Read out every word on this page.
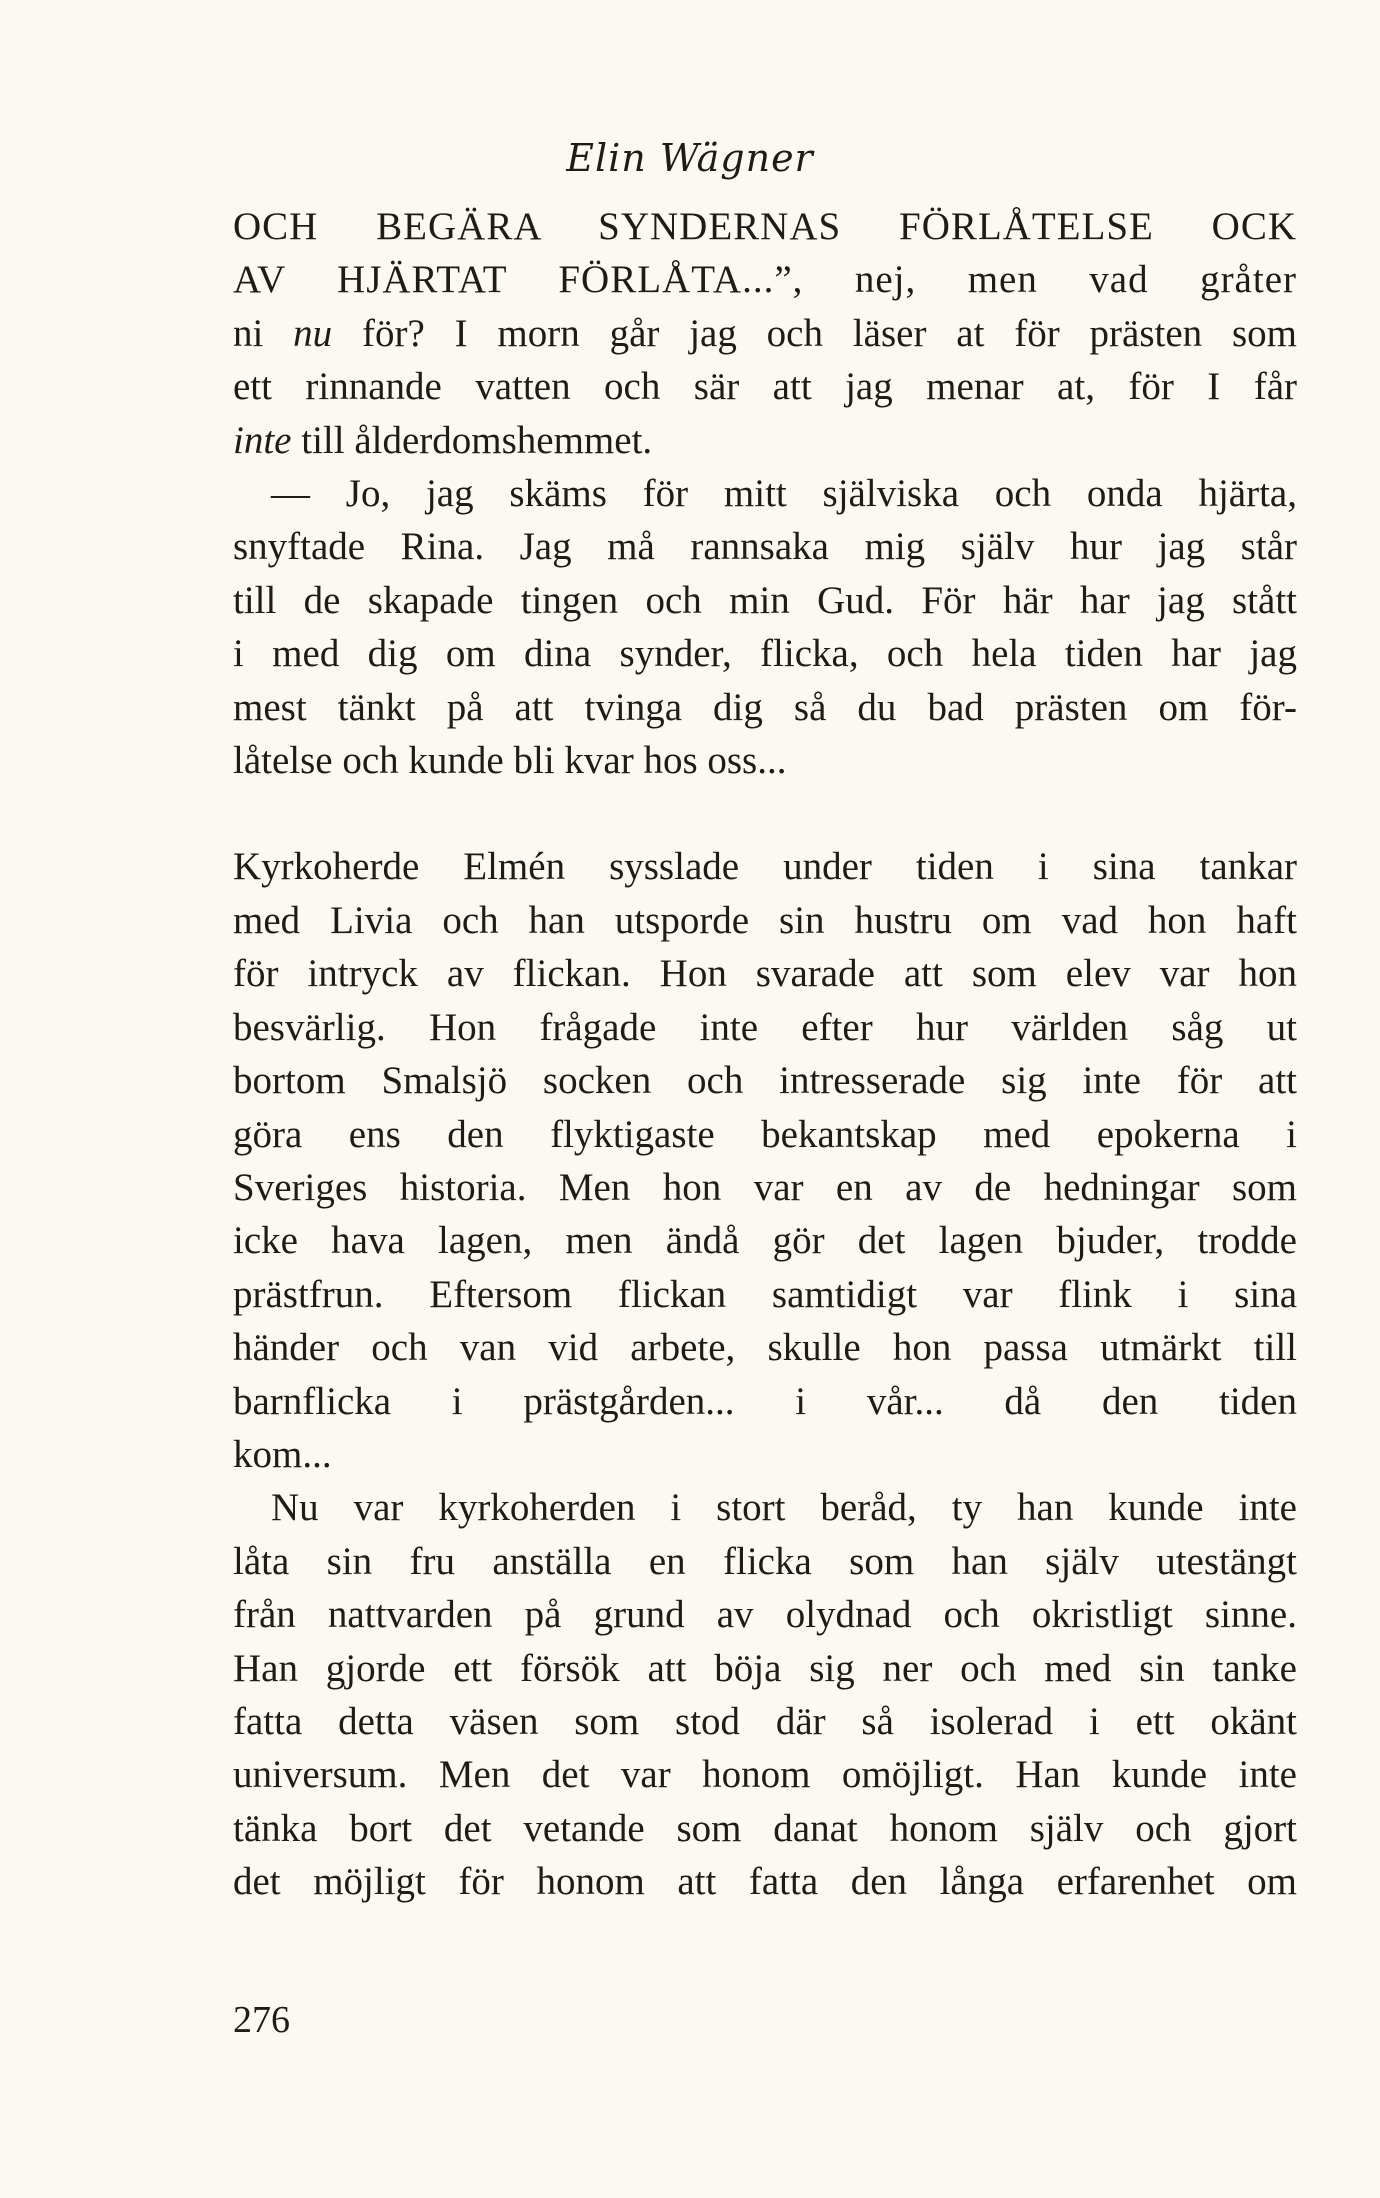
Elin Wägner

OCH BEGÄRA SYNDERNAS FÖRLÅTELSE OCK
AV HJÄRTAT FÖRLÅTA...”, nej, men vad gråter
ni nu för? I morn går jag och läser at för prästen som
ett rinnande vatten och sär att jag menar at, för I får
inte till ålderdomshemmet.

— Jo, jag skäms för mitt själviska och onda hjärta,
snyftade Rina. Jag må rannsaka mig själv hur jag står
till de skapade tingen och min Gud. För här har jag stått
i med dig om dina synder, flicka, och hela tiden har jag
mest tänkt på att tvinga dig så du bad prästen om för-
låtelse och kunde bli kvar hos oss...

Kyrkoherde Elmén sysslade under tiden i sina tankar
med Livia och han utsporde sin hustru om vad hon haft
för intryck av flickan. Hon svarade att som elev var hon
besvärlig. Hon frågade inte efter hur världen såg ut
bortom Smalsjö socken och intresserade sig inte för att
göra ens den flyktigaste bekantskap med epokerna i
Sveriges historia. Men hon var en av de hedningar som
icke hava lagen, men ändå gör det lagen bjuder, trodde
prästfrun. Eftersom flickan samtidigt var flink i sina
händer och van vid arbete, skulle hon passa utmärkt till
barnflicka i prästgården... i vår... då den tiden
kom...

Nu var kyrkoherden i stort beråd, ty han kunde inte
låta sin fru anställa en flicka som han själv utestängt
från nattvarden på grund av olydnad och okristligt sinne.
Han gjorde ett försök att böja sig ner och med sin tanke
fatta detta väsen som stod där så isolerad i ett okänt
universum. Men det var honom omöjligt. Han kunde inte
tänka bort det vetande som danat honom själv och gjort
det möjligt för honom att fatta den långa erfarenhet om

276
